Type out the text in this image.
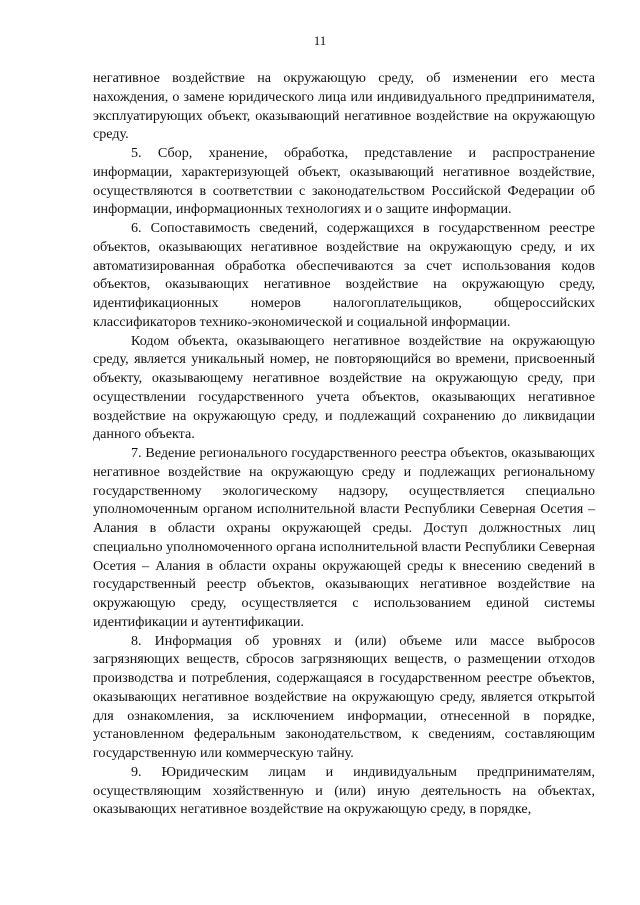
11

негативное воздействие на окружающую среду, об изменении его места нахождения, о замене юридического лица или индивидуального предпринимателя, эксплуатирующих объект, оказывающий негативное воздействие на окружающую среду.

5. Сбор, хранение, обработка, представление и распространение информации, характеризующей объект, оказывающий негативное воздействие, осуществляются в соответствии с законодательством Российской Федерации об информации, информационных технологиях и о защите информации.

6. Сопоставимость сведений, содержащихся в государственном реестре объектов, оказывающих негативное воздействие на окружающую среду, и их автоматизированная обработка обеспечиваются за счет использования кодов объектов, оказывающих негативное воздействие на окружающую среду, идентификационных номеров налогоплательщиков, общероссийских классификаторов технико-экономической и социальной информации.

Кодом объекта, оказывающего негативное воздействие на окружающую среду, является уникальный номер, не повторяющийся во времени, присвоенный объекту, оказывающему негативное воздействие на окружающую среду, при осуществлении государственного учета объектов, оказывающих негативное воздействие на окружающую среду, и подлежащий сохранению до ликвидации данного объекта.

7. Ведение регионального государственного реестра объектов, оказывающих негативное воздействие на окружающую среду и подлежащих региональному государственному экологическому надзору, осуществляется специально уполномоченным органом исполнительной власти Республики Северная Осетия – Алания в области охраны окружающей среды. Доступ должностных лиц специально уполномоченного органа исполнительной власти Республики Северная Осетия – Алания в области охраны окружающей среды к внесению сведений в государственный реестр объектов, оказывающих негативное воздействие на окружающую среду, осуществляется с использованием единой системы идентификации и аутентификации.

8. Информация об уровнях и (или) объеме или массе выбросов загрязняющих веществ, сбросов загрязняющих веществ, о размещении отходов производства и потребления, содержащаяся в государственном реестре объектов, оказывающих негативное воздействие на окружающую среду, является открытой для ознакомления, за исключением информации, отнесенной в порядке, установленном федеральным законодательством, к сведениям, составляющим государственную или коммерческую тайну.

9. Юридическим лицам и индивидуальным предпринимателям, осуществляющим хозяйственную и (или) иную деятельность на объектах, оказывающих негативное воздействие на окружающую среду, в порядке,
